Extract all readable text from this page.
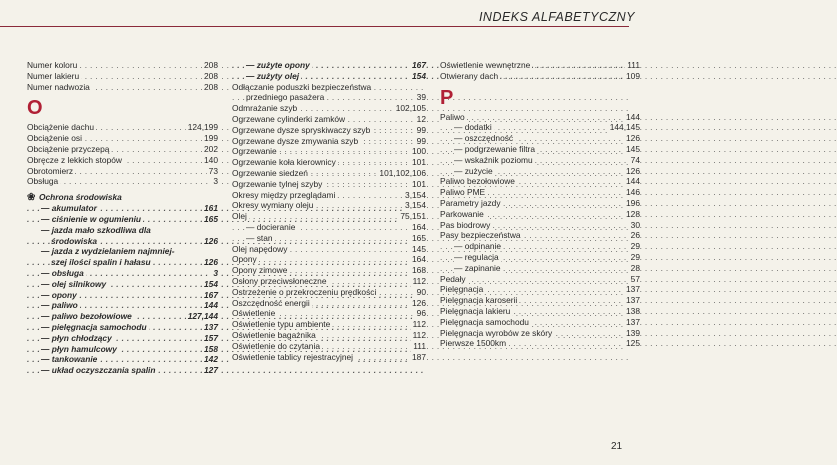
INDEKS ALFABETYCZNY
. . . Numer koloru	208
. . . Numer lakieru	208
. . . Numer nadwozia	208
O
. . . Obciążenie dachu	124,199
. . . Obciążenie osi	199
. . . Obciążenie przyczepą	202
. . . Obręcze z lekkich stopów	140
. . . Obrotomierz	73
. . . Obsługa	3
❀ Ochrona środowiska
. . . — akumulator	161
. . . — ciśnienie w ogumieniu	165
— jazda mało szkodliwa dla
. . . środowiska	126
— jazda z wydzielaniem najmniej-
. . . szej ilości spalin i hałasu	126
. . . — obsługa	3
. . . — olej silnikowy	154
. . . — opony	167
. . . — paliwo	144
. . . — paliwo bezołowiowe	127,144
. . . — pielęgnacja samochodu	137
. . . — płyn chłodzący	157
. . . — płyn hamulcowy	158
. . . — tankowanie	142
. . . — układ oczyszczania spalin	127
. . . — zużyte opony	167
. . . — zużyty olej	154
Odłączanie poduszki bezpieczeństwa
. . . przedniego pasażera	39
. . . Odmrażanie szyb	102,105
. . . Ogrzewane cylinderki zamków	12
. . . Ogrzewane dysze spryskiwaczy szyb	99
. . . Ogrzewane dysze zmywania szyb	99
. . . Ogrzewanie	100
. . . Ogrzewanie koła kierownicy	101
. . . Ogrzewanie siedzeń	101,102,106
. . . Ogrzewanie tylnej szyby	101
. . . Okresy między przeglądami	3,154
. . . Okresy wymiany oleju	3,154
. . . Olej	75,151
. . . — docieranie	164
. . . — stan	165
. . . Olej napędowy	145
. . . Opony	164
. . . Opony zimowe	168
. . . Osłony przeciwsłoneczne	112
. . . Ostrzeżenie o przekroczeniu prędkości	90
. . . Oszczędność energii	126
. . . Oświetlenie	96
. . . Oświetlenie typu ambiente	112
. . . Oświetlenie bagażnika	112
. . . Oświetlenie do czytania	111
. . . Oświetlenie tablicy rejestracyjnej	187
. . . Oświetlenie wewnętrzne	111
. . . Otwierany dach	109
P
. . . Paliwo	144
. . . — dodatki	144,145
. . . — oszczędność	126
. . . — podgrzewanie filtra	145
. . . — wskaźnik poziomu	74
. . . — zużycie	126
. . . Paliwo bezołowiowe	144
. . . Paliwo PME	146
. . . Parametry jazdy	196
. . . Parkowanie	128
. . . Pas biodrowy	30
. . . Pasy bezpieczeństwa	26
. . . — odpinanie	29
. . . — regulacja	29
. . . — zapinanie	28
. . . Pedały	57
. . . Pielęgnacja	137
. . . Pielęgnacja karoserii	137
. . . Pielęgnacja lakieru	138
. . . Pielęgnacja samochodu	137
. . . Pielęgnacja wyrobów ze skóry	139
. . . Pierwsze 1500km	125
21
